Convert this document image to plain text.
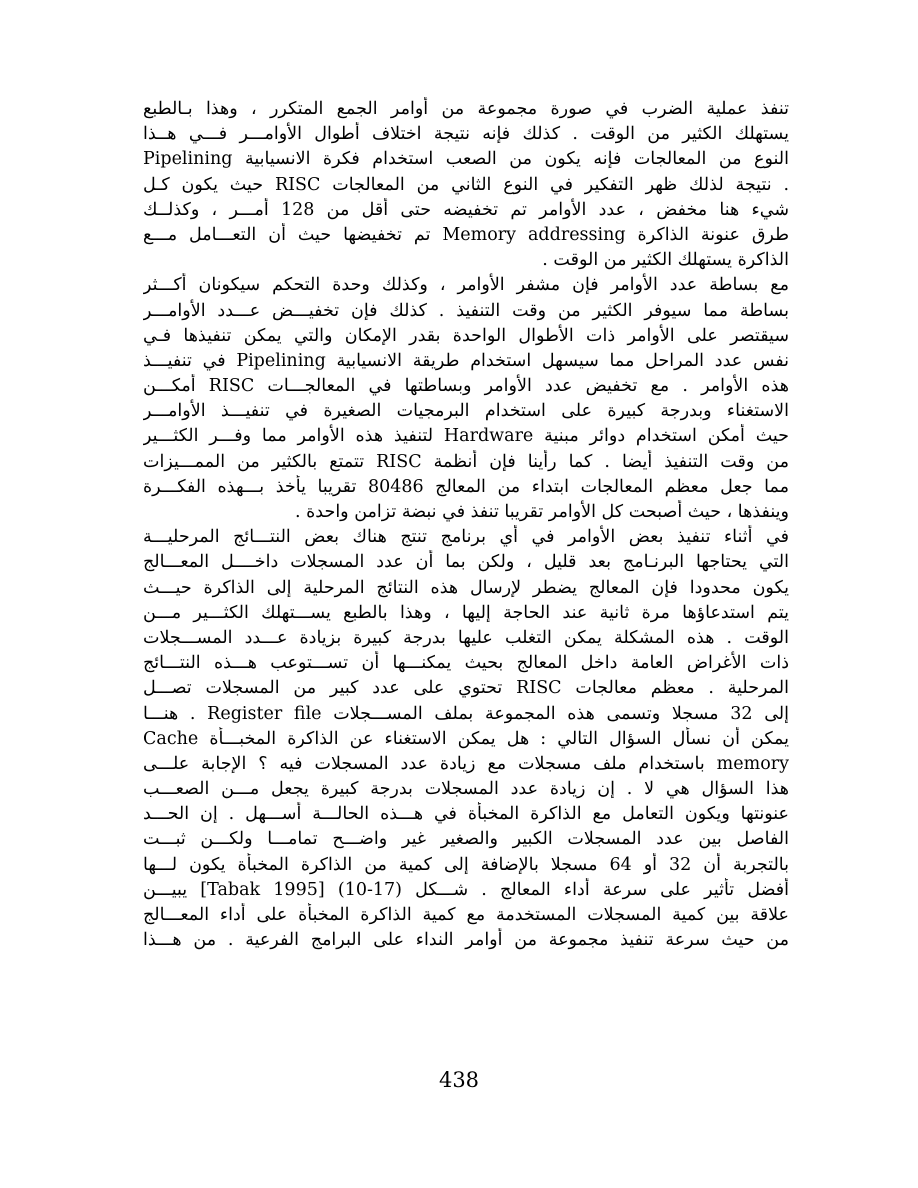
تنفذ عملية الضرب في صورة مجموعة من أوامر الجمع المتكرر ، وهذا بـالطبع
يستهلك الكثير من الوقت . كذلك فإنه نتيجة اختلاف أطوال الأوامـــر فـــي هــذا
النوع من المعالجات فإنه يكون من الصعب استخدام فكرة الانسيابية Pipelining
. نتيجة لذلك ظهر التفكير في النوع الثاني من المعالجات RISC حيث يكون كـل
شيء هنا مخفض ، عدد الأوامر تم تخفيضه حتى أقل من 128 أمـــر ، وكذلــك
طرق عنونة الذاكرة Memory addressing تم تخفيضها حيث أن التعـــامل مـــع
الذاكرة يستهلك الكثير من الوقت .
مع بساطة عدد الأوامر فإن مشفر الأوامر ، وكذلك وحدة التحكم سيكونان أكـــثر
بساطة مما سيوفر الكثير من وقت التنفيذ . كذلك فإن تخفيـــض عـــدد الأوامـــر
سيقتصر على الأوامر ذات الأطوال الواحدة بقدر الإمكان والتي يمكن تنفيذها فـي
نفس عدد المراحل مما سيسهل استخدام طريقة الانسيابية Pipelining في تنفيـــذ
هذه الأوامر . مع تخفيض عدد الأوامر وبساطتها في المعالجـــات RISC أمكـــن
الاستغناء وبدرجة كبيرة على استخدام البرمجيات الصغيرة في تنفيـــذ الأوامـــر
حيث أمكن استخدام دوائر مبنية Hardware لتنفيذ هذه الأوامر مما وفـــر الكثـــير
من وقت التنفيذ أيضا . كما رأينا فإن أنظمة RISC تتمتع بالكثير من الممـــيزات
مما جعل معظم المعالجات ابتداء من المعالج 80486 تقريبا يأخذ بـــهذه الفكـــرة
وينفذها ، حيث أصبحت كل الأوامر تقريبا تنفذ في نبضة تزامن واحدة .
في أثناء تنفيذ بعض الأوامر في أي برنامج تنتج هناك بعض النتـــائج المرحليـــة
التي يحتاجها البرنـامج بعد قليل ، ولكن بما أن عدد المسجلات داخــــل المعـــالج
يكون محدودا فإن المعالج يضطر لإرسال هذه النتائج المرحلية إلى الذاكرة حيـــث
يتم استدعاؤها مرة ثانية عند الحاجة إليها ، وهذا بالطبع يســـتهلك الكثـــير مـــن
الوقت . هذه المشكلة يمكن التغلب عليها بدرجة كبيرة بزيادة عـــدد المســـجلات
ذات الأغراض العامة داخل المعالج بحيث يمكنـــها أن تســـتوعب هـــذه النتـــائج
المرحلية . معظم معالجات RISC تحتوي على عدد كبير من المسجلات تصـــل
إلى 32 مسجلا وتسمى هذه المجموعة بملف المســـجلات Register file . هنـــا
يمكن أن نسأل السؤال التالي : هل يمكن الاستغناء عن الذاكرة المخبـــأة Cache
memory باستخدام ملف مسجلات مع زيادة عدد المسجلات فيه ؟ الإجابة علـــى
هذا السؤال هي لا . إن زيادة عدد المسجلات بدرجة كبيرة يجعل مـــن الصعـــب
عنونتها ويكون التعامل مع الذاكرة المخبأة في هـــذه الحالـــة أســـهل . إن الحـــد
الفاصل بين عدد المسجلات الكبير والصغير غير واضـــح تمامـــا ولكـــن ثبـــت
بالتجربة أن 32 أو 64 مسجلا بالإضافة إلى كمية من الذاكرة المخبأة يكون لـــها
أفضل تأثير على سرعة أداء المعالج . شـــكل (17-10) [Tabak 1995] يبيـــن
علاقة بين كمية المسجلات المستخدمة مع كمية الذاكرة المخبأة على أداء المعـــالج
من حيث سرعة تنفيذ مجموعة من أوامر النداء على البرامج الفرعية . من هـــذا
438
